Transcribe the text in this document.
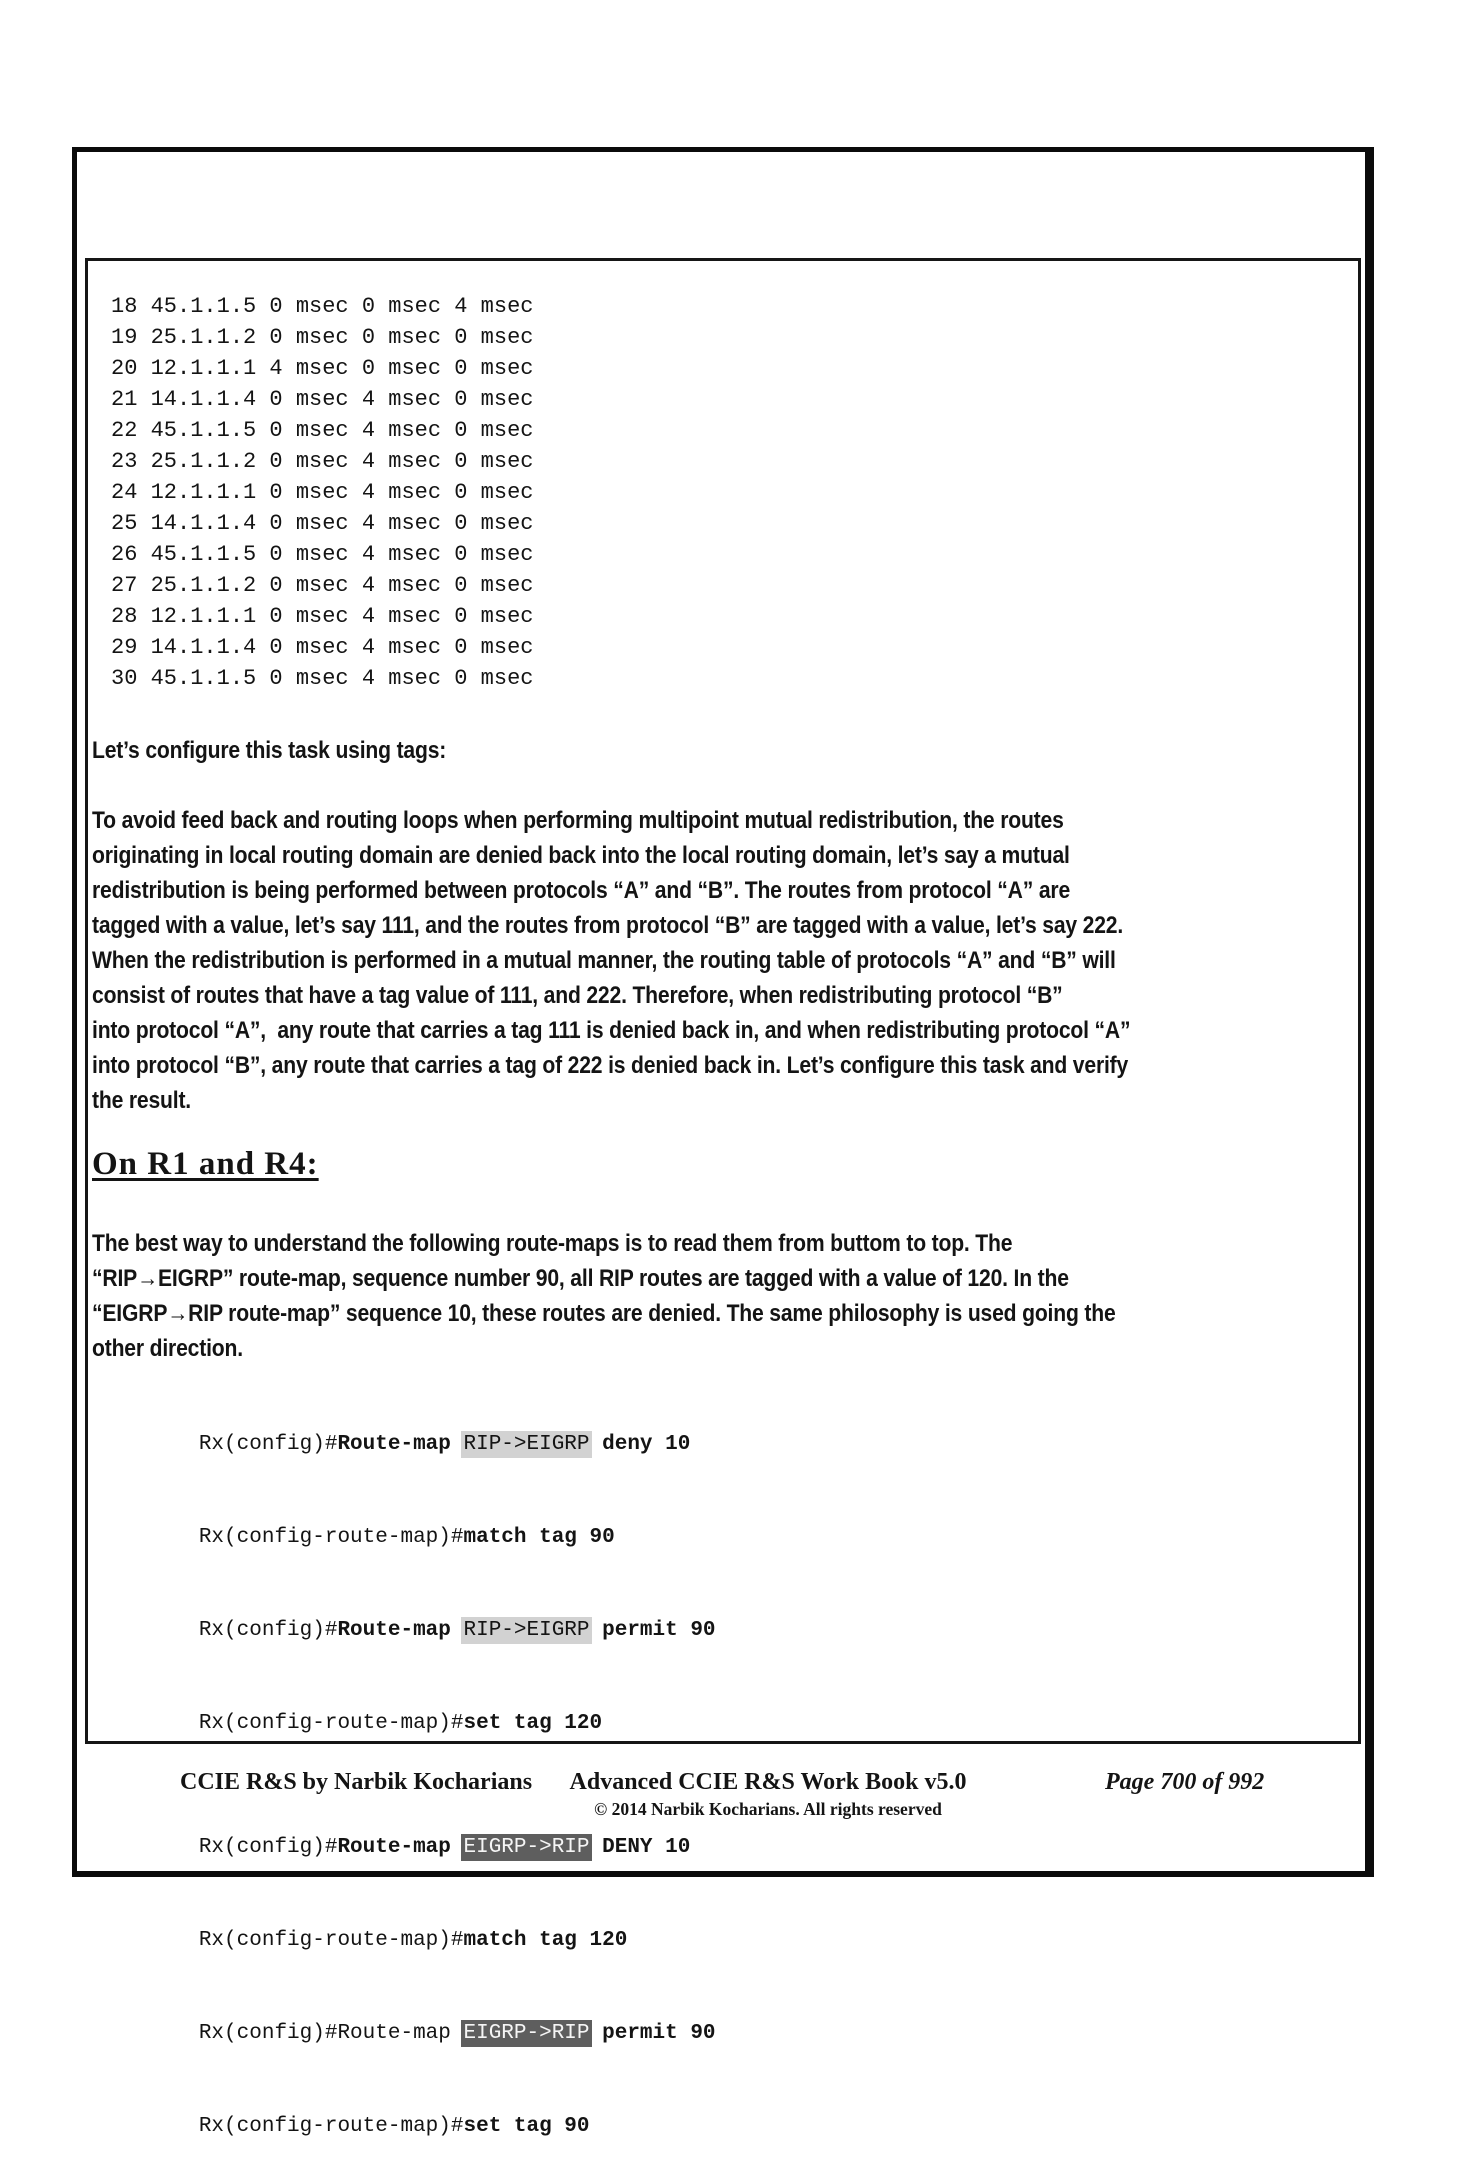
18 45.1.1.5 0 msec 0 msec 4 msec
19 25.1.1.2 0 msec 0 msec 0 msec
20 12.1.1.1 4 msec 0 msec 0 msec
21 14.1.1.4 0 msec 4 msec 0 msec
22 45.1.1.5 0 msec 4 msec 0 msec
23 25.1.1.2 0 msec 4 msec 0 msec
24 12.1.1.1 0 msec 4 msec 0 msec
25 14.1.1.4 0 msec 4 msec 0 msec
26 45.1.1.5 0 msec 4 msec 0 msec
27 25.1.1.2 0 msec 4 msec 0 msec
28 12.1.1.1 0 msec 4 msec 0 msec
29 14.1.1.4 0 msec 4 msec 0 msec
30 45.1.1.5 0 msec 4 msec 0 msec
Let’s configure this task using tags:
To avoid feed back and routing loops when performing multipoint mutual redistribution, the routes
originating in local routing domain are denied back into the local routing domain, let’s say a mutual
redistribution is being performed between protocols “A” and “B”. The routes from protocol “A” are
tagged with a value, let’s say 111, and the routes from protocol “B” are tagged with a value, let’s say 222.
When the redistribution is performed in a mutual manner, the routing table of protocols “A” and “B” will
consist of routes that have a tag value of 111, and 222. Therefore, when redistributing protocol “B”
into protocol “A”,  any route that carries a tag 111 is denied back in, and when redistributing protocol “A”
into protocol “B”, any route that carries a tag of 222 is denied back in. Let’s configure this task and verify
the result.
On R1 and R4:
The best way to understand the following route-maps is to read them from buttom to top. The
“RIP→EIGRP” route-map, sequence number 90, all RIP routes are tagged with a value of 120. In the
“EIGRP→RIP route-map” sequence 10, these routes are denied. The same philosophy is used going the
other direction.

Rx(config)#Route-map RIP->EIGRP deny 10

Rx(config-route-map)#match tag 90

Rx(config)#Route-map RIP->EIGRP permit 90

Rx(config-route-map)#set tag 120

Rx(config)#Route-map EIGRP->RIP DENY 10

Rx(config-route-map)#match tag 120

Rx(config)#Route-map EIGRP->RIP permit 90

Rx(config-route-map)#set tag 90

CCIE R&S by Narbik Kocharians	Advanced CCIE R&S Work Book v5.0
© 2014 Narbik Kocharians. All rights reserved
Page 700 of 992
